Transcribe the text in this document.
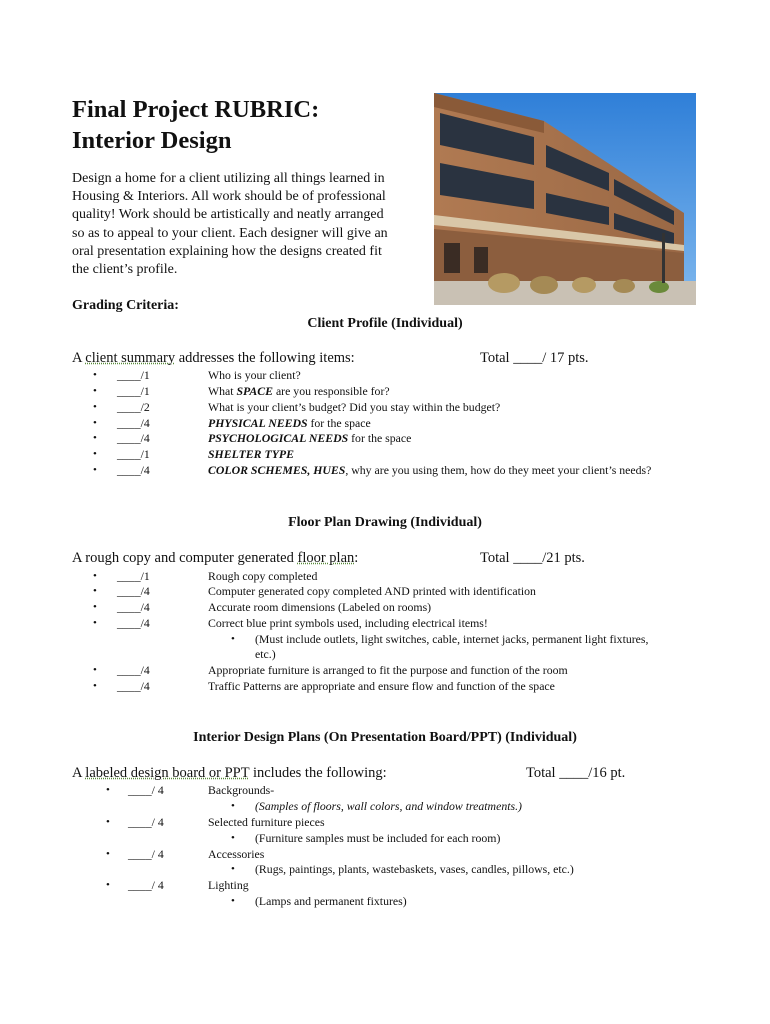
Final Project RUBRIC:
Interior Design
Design a home for a client utilizing all things learned in
Housing & Interiors. All work should be of professional
quality! Work should be artistically and neatly arranged
so as to appeal to your client. Each designer will give an
oral presentation explaining how the designs created fit
the client’s profile.
Grading Criteria:
Client Profile (Individual)
A client summary addresses the following items:	Total ____/ 17 pts.
• ____/1	Who is your client?
• ____/1	What SPACE are you responsible for?
• ____/2	What is your client’s budget? Did you stay within the budget?
• ____/4	PHYSICAL NEEDS for the space
• ____/4	PSYCHOLOGICAL NEEDS for the space
• ____/1	SHELTER TYPE
• ____/4	COLOR SCHEMES, HUES, why are you using them, how do they meet your client’s needs?
Floor Plan Drawing (Individual)
A rough copy and computer generated floor plan:	Total ____/21 pts.
• ____/1	Rough copy completed
• ____/4	Computer generated copy completed AND printed with identification
• ____/4	Accurate room dimensions (Labeled on rooms)
• ____/4	Correct blue print symbols used, including electrical items!
• (Must include outlets, light switches, cable, internet jacks, permanent light fixtures,
etc.)
• ____/4	Appropriate furniture is arranged to fit the purpose and function of the room
• ____/4	Traffic Patterns are appropriate and ensure flow and function of the space
Interior Design Plans (On Presentation Board/PPT) (Individual)
A labeled design board or PPT includes the following:	Total ____/16 pt.
• ____/ 4	Backgrounds-
• (Samples of floors, wall colors, and window treatments.)
• ____/ 4	Selected furniture pieces
• (Furniture samples must be included for each room)
• ____/ 4	Accessories
• (Rugs, paintings, plants, wastebaskets, vases, candles, pillows, etc.)
• ____/ 4	Lighting
• (Lamps and permanent fixtures)
